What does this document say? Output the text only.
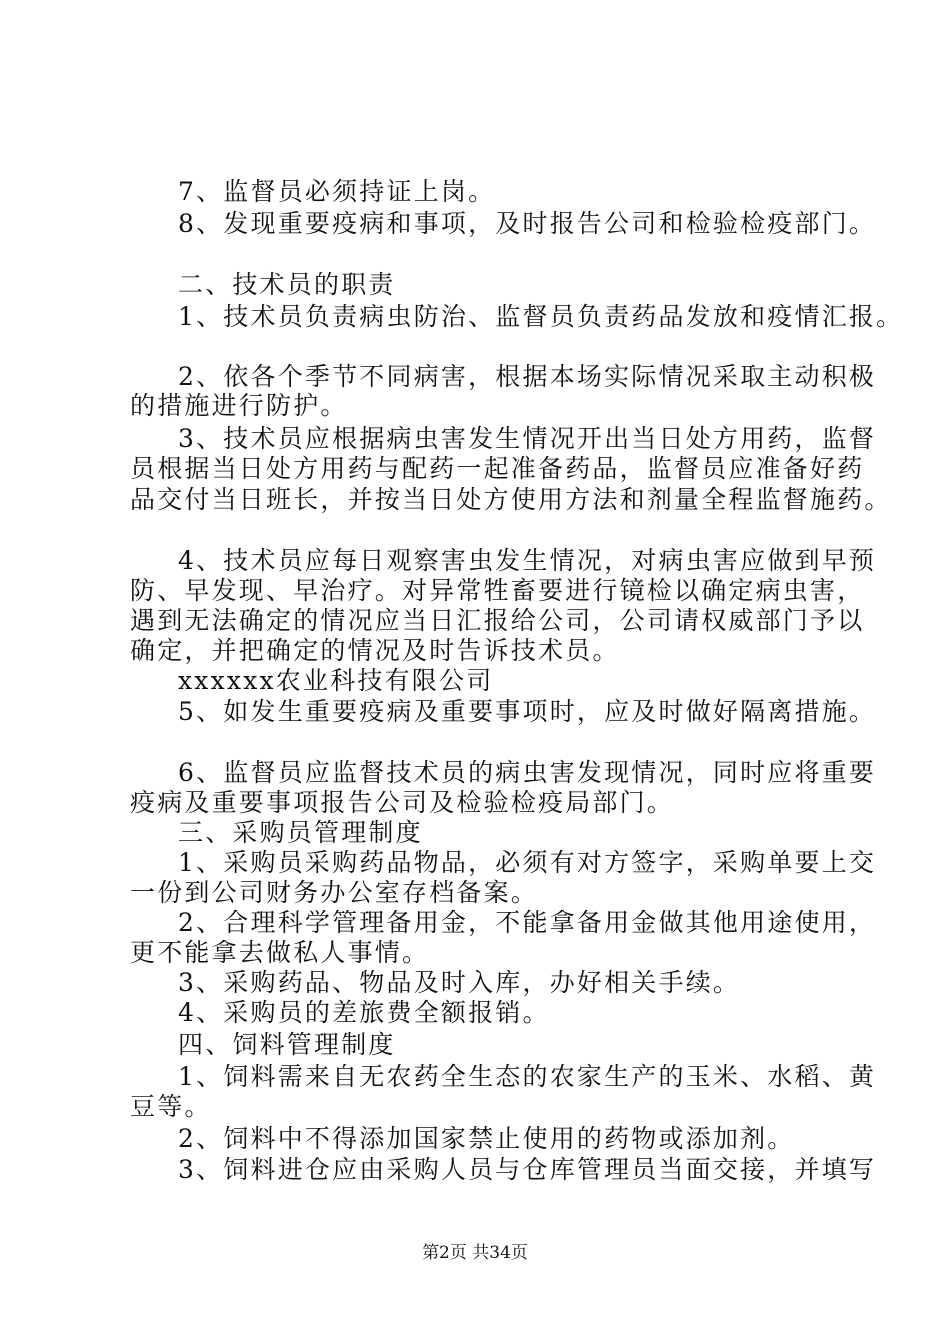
7、监督员必须持证上岗。
8、发现重要疫病和事项，及时报告公司和检验检疫部门。
二、技术员的职责
1、技术员负责病虫防治、监督员负责药品发放和疫情汇报。
2、依各个季节不同病害，根据本场实际情况采取主动积极
的措施进行防护。
3、技术员应根据病虫害发生情况开出当日处方用药，监督
员根据当日处方用药与配药一起准备药品，监督员应准备好药
品交付当日班长，并按当日处方使用方法和剂量全程监督施药。
4、技术员应每日观察害虫发生情况，对病虫害应做到早预
防、早发现、早治疗。对异常牲畜要进行镜检以确定病虫害，
遇到无法确定的情况应当日汇报给公司，公司请权威部门予以
确定，并把确定的情况及时告诉技术员。
xxxxxx农业科技有限公司
5、如发生重要疫病及重要事项时，应及时做好隔离措施。
6、监督员应监督技术员的病虫害发现情况，同时应将重要
疫病及重要事项报告公司及检验检疫局部门。
三、采购员管理制度
1、采购员采购药品物品，必须有对方签字，采购单要上交
一份到公司财务办公室存档备案。
2、合理科学管理备用金，不能拿备用金做其他用途使用，
更不能拿去做私人事情。
3、采购药品、物品及时入库，办好相关手续。
4、采购员的差旅费全额报销。
四、饲料管理制度
1、饲料需来自无农药全生态的农家生产的玉米、水稻、黄
豆等。
2、饲料中不得添加国家禁止使用的药物或添加剂。
3、饲料进仓应由采购人员与仓库管理员当面交接，并填写
第2页 共34页
